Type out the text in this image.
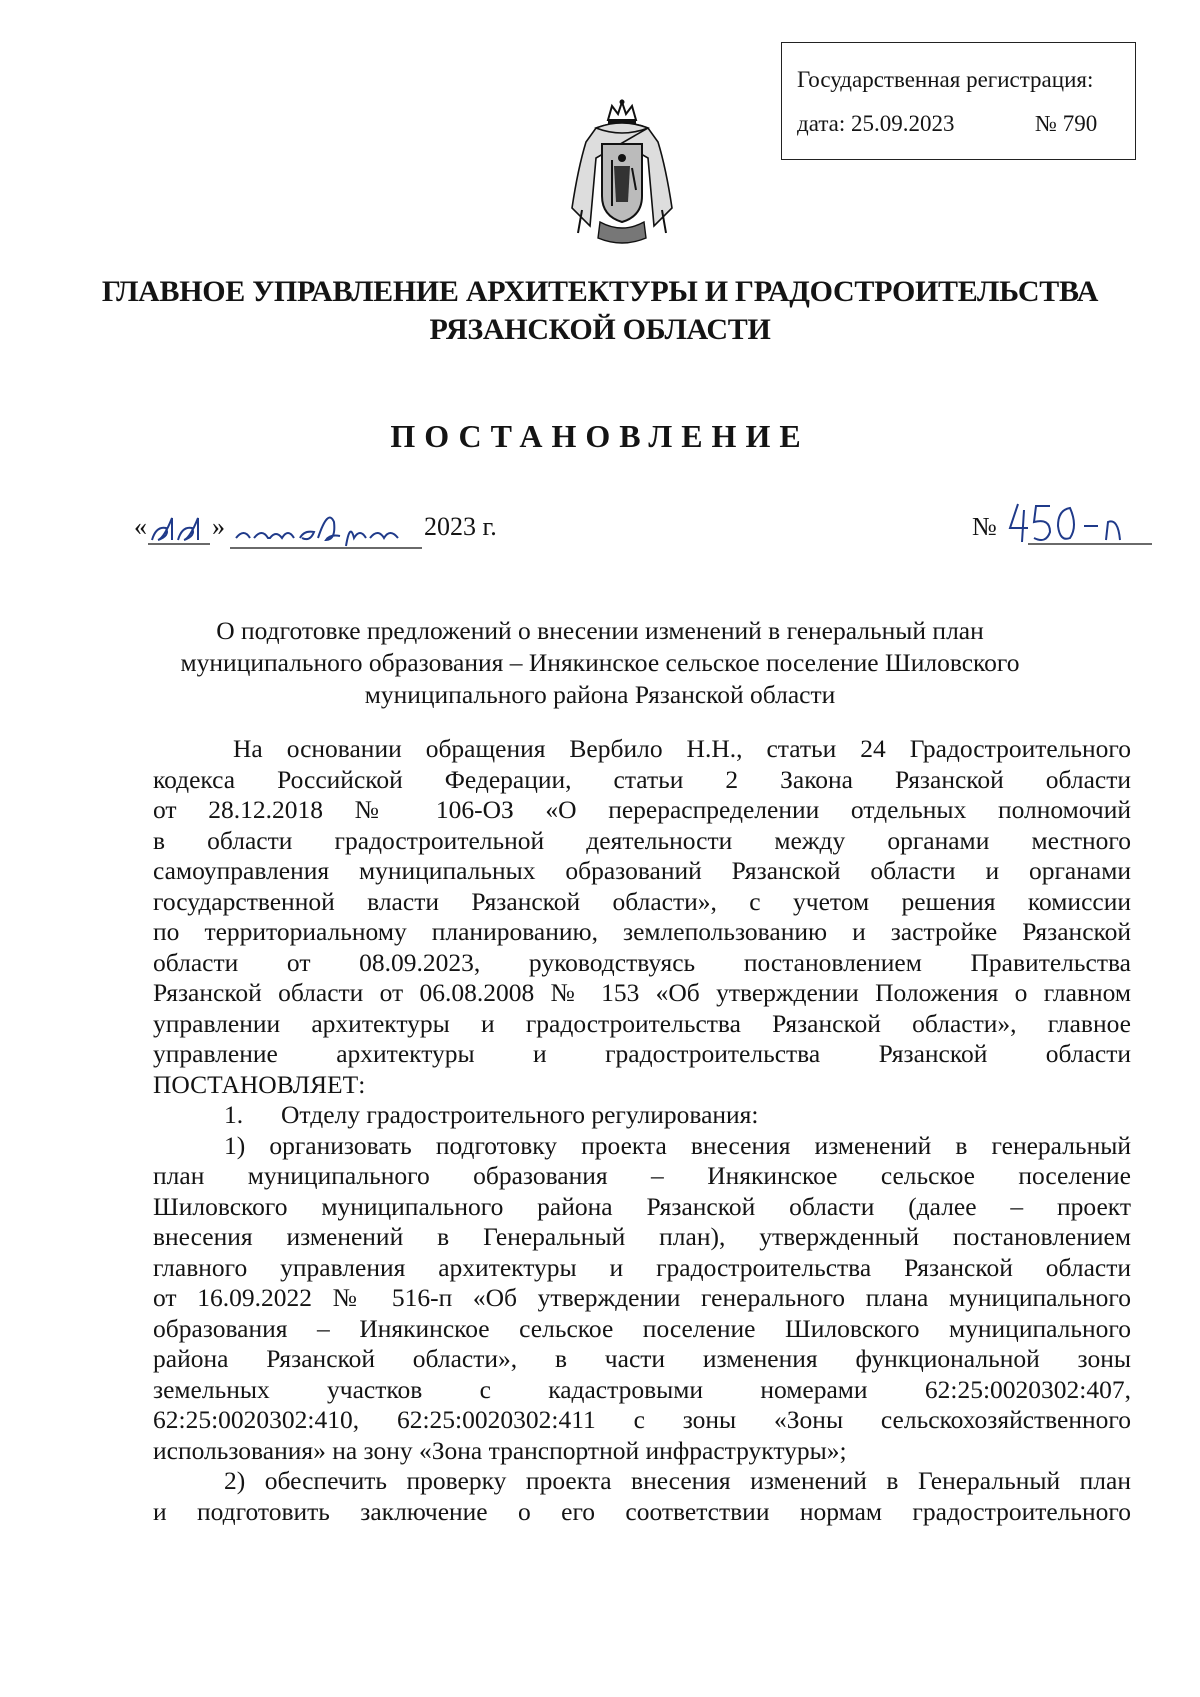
Государственная регистрация:
дата: 25.09.2023	№ 790
ГЛАВНОЕ УПРАВЛЕНИЕ АРХИТЕКТУРЫ И ГРАДОСТРОИТЕЛЬСТВА
РЯЗАНСКОЙ ОБЛАСТИ
ПОСТАНОВЛЕНИЕ
«	»	2023 г.	№
О подготовке предложений о внесении изменений в генеральный план
муниципального образования – Инякинское сельское поселение Шиловского
муниципального района Рязанской области
На основании обращения Вербило Н.Н., статьи 24 Градостроительного
кодекса Российской Федерации, статьи 2 Закона Рязанской области
от 28.12.2018 № 106-ОЗ «О перераспределении отдельных полномочий
в области градостроительной деятельности между органами местного
самоуправления муниципальных образований Рязанской области и органами
государственной власти Рязанской области», с учетом решения комиссии
по территориальному планированию, землепользованию и застройке Рязанской
области от 08.09.2023, руководствуясь постановлением Правительства
Рязанской области от 06.08.2008 № 153 «Об утверждении Положения о главном
управлении архитектуры и градостроительства Рязанской области», главное
управление архитектуры и градостроительства Рязанской области
ПОСТАНОВЛЯЕТ:
1. Отделу градостроительного регулирования:
1) организовать подготовку проекта внесения изменений в генеральный
план муниципального образования – Инякинское сельское поселение
Шиловского муниципального района Рязанской области (далее – проект
внесения изменений в Генеральный план), утвержденный постановлением
главного управления архитектуры и градостроительства Рязанской области
от 16.09.2022 № 516-п «Об утверждении генерального плана муниципального
образования – Инякинское сельское поселение Шиловского муниципального
района Рязанской области», в части изменения функциональной зоны
земельных участков с кадастровыми номерами 62:25:0020302:407,
62:25:0020302:410, 62:25:0020302:411 с зоны «Зоны сельскохозяйственного
использования» на зону «Зона транспортной инфраструктуры»;
2) обеспечить проверку проекта внесения изменений в Генеральный план
и подготовить заключение о его соответствии нормам градостроительного
